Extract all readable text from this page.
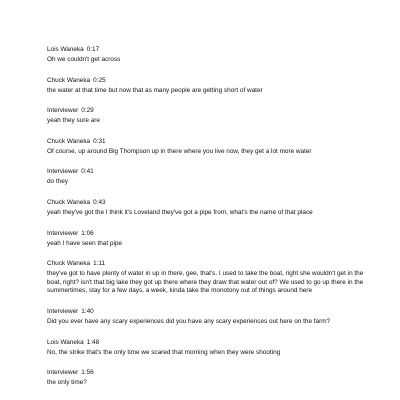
Lois Waneka 0:17
Oh we couldn't get across
Chuck Waneka 0:25
the water at that time but now that as many people are getting short of water
Interviewer 0:29
yeah they sure are
Chuck Waneka 0:31
Of course, up around Big Thompson up in there where you live now, they get a lot more water
Interviewer 0:41
do they
Chuck Waneka 0:43
yeah they've got the I think it's Loveland they've got a pipe from, what's the name of that place
Interviewer 1:06
yeah I have seen that pipe
Chuck Waneka 1:11
they've got to have plenty of water in up in there, gee, that's. I used to take the boat, right she wouldn't get in the boat, right? isn't that big lake they got up there where they draw that water out of? We used to go up there in the summertimes, stay for a few days, a week, kinda take the monotony out of things around here
Interviewer 1:40
Did you ever have any scary experiences did you have any scary experiences out here on the farm?
Lois Waneka 1:48
No, the strike that's the only time we scared that morning when they were shooting
Interviewer 1:56
the only time?
